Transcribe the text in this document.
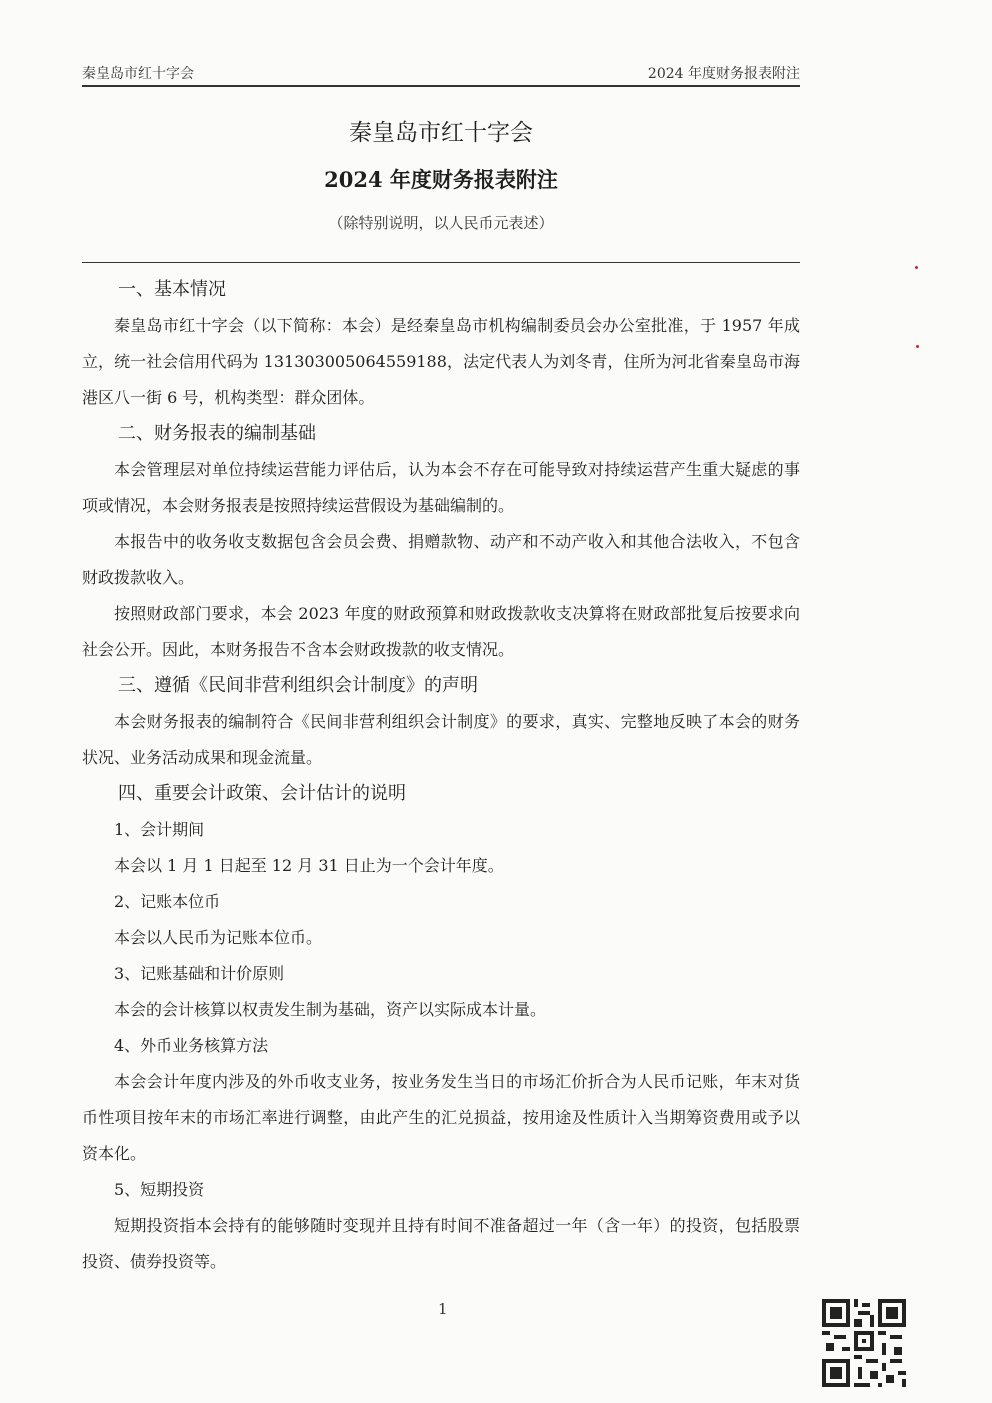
秦皇岛市红十字会	2024 年度财务报表附注
秦皇岛市红十字会
2024 年度财务报表附注
（除特别说明，以人民币元表述）

一、基本情况

秦皇岛市红十字会（以下简称：本会）是经秦皇岛市机构编制委员会办公室批准，于 1957 年成立，统一社会信用代码为 131303005064559188，法定代表人为刘冬青，住所为河北省秦皇岛市海港区八一街 6 号，机构类型：群众团体。

二、财务报表的编制基础

本会管理层对单位持续运营能力评估后，认为本会不存在可能导致对持续运营产生重大疑虑的事项或情况，本会财务报表是按照持续运营假设为基础编制的。

本报告中的收务收支数据包含会员会费、捐赠款物、动产和不动产收入和其他合法收入，不包含财政拨款收入。

按照财政部门要求，本会 2023 年度的财政预算和财政拨款收支决算将在财政部批复后按要求向社会公开。因此，本财务报告不含本会财政拨款的收支情况。

三、遵循《民间非营利组织会计制度》的声明

本会财务报表的编制符合《民间非营利组织会计制度》的要求，真实、完整地反映了本会的财务状况、业务活动成果和现金流量。

四、重要会计政策、会计估计的说明

1、会计期间

本会以 1 月 1 日起至 12 月 31 日止为一个会计年度。

2、记账本位币

本会以人民币为记账本位币。

3、记账基础和计价原则

本会的会计核算以权责发生制为基础，资产以实际成本计量。

4、外币业务核算方法

本会会计年度内涉及的外币收支业务，按业务发生当日的市场汇价折合为人民币记账，年末对货币性项目按年末的市场汇率进行调整，由此产生的汇兑损益，按用途及性质计入当期筹资费用或予以资本化。

5、短期投资

短期投资指本会持有的能够随时变现并且持有时间不准备超过一年（含一年）的投资，包括股票投资、债券投资等。

1
